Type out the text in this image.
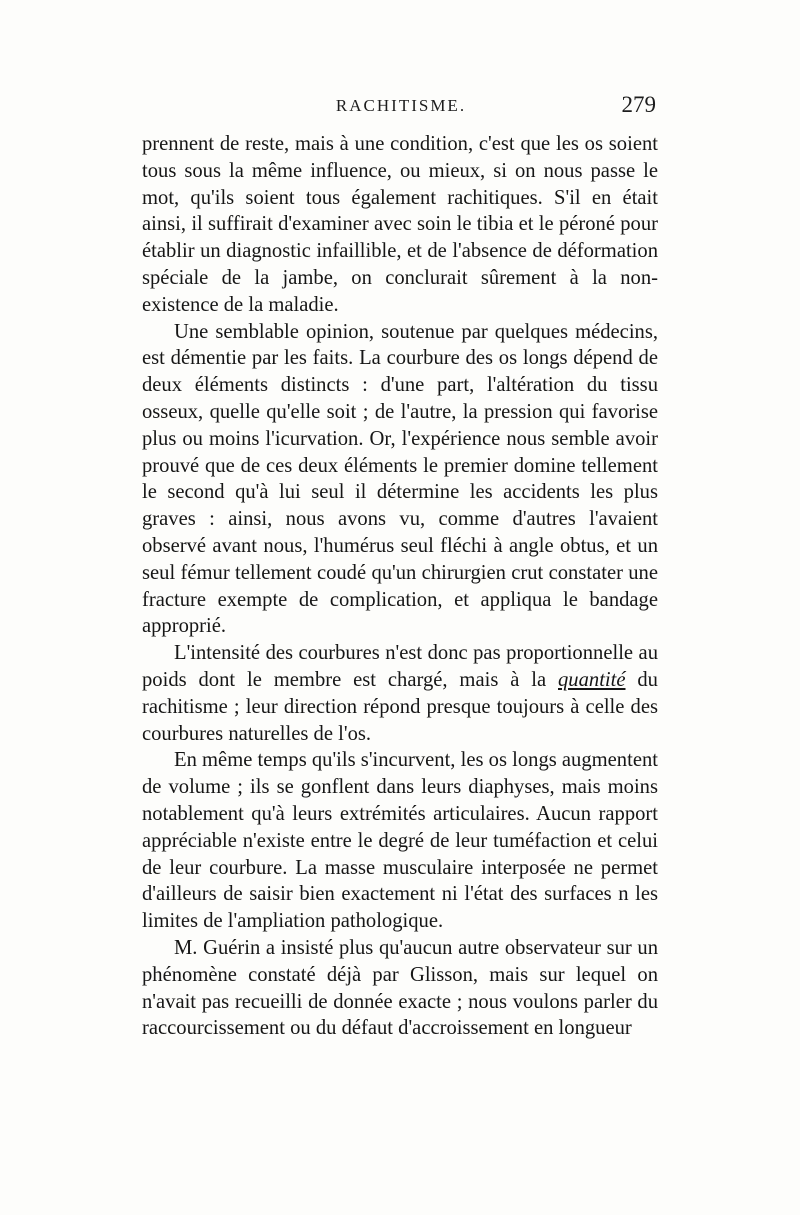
RACHITISME.	279

prennent de reste, mais à une condition, c'est que les os soient tous sous la même influence, ou mieux, si on nous passe le mot, qu'ils soient tous également rachitiques. S'il en était ainsi, il suffirait d'examiner avec soin le tibia et le péroné pour établir un diagnostic infaillible, et de l'absence de déformation spéciale de la jambe, on conclurait sûrement à la non-existence de la maladie.

Une semblable opinion, soutenue par quelques médecins, est démentie par les faits. La courbure des os longs dépend de deux éléments distincts : d'une part, l'altération du tissu osseux, quelle qu'elle soit ; de l'autre, la pression qui favorise plus ou moins l'icurvation. Or, l'expérience nous semble avoir prouvé que de ces deux éléments le premier domine tellement le second qu'à lui seul il détermine les accidents les plus graves : ainsi, nous avons vu, comme d'autres l'avaient observé avant nous, l'humérus seul fléchi à angle obtus, et un seul fémur tellement coudé qu'un chirurgien crut constater une fracture exempte de complication, et appliqua le bandage approprié.

L'intensité des courbures n'est donc pas proportionnelle au poids dont le membre est chargé, mais à la quantité du rachitisme ; leur direction répond presque toujours à celle des courbures naturelles de l'os.

En même temps qu'ils s'incurvent, les os longs augmentent de volume ; ils se gonflent dans leurs diaphyses, mais moins notablement qu'à leurs extrémités articulaires. Aucun rapport appréciable n'existe entre le degré de leur tuméfaction et celui de leur courbure. La masse musculaire interposée ne permet d'ailleurs de saisir bien exactement ni l'état des surfaces n les limites de l'ampliation pathologique.

M. Guérin a insisté plus qu'aucun autre observateur sur un phénomène constaté déjà par Glisson, mais sur lequel on n'avait pas recueilli de donnée exacte ; nous voulons parler du raccourcissement ou du défaut d'accroissement en longueur
